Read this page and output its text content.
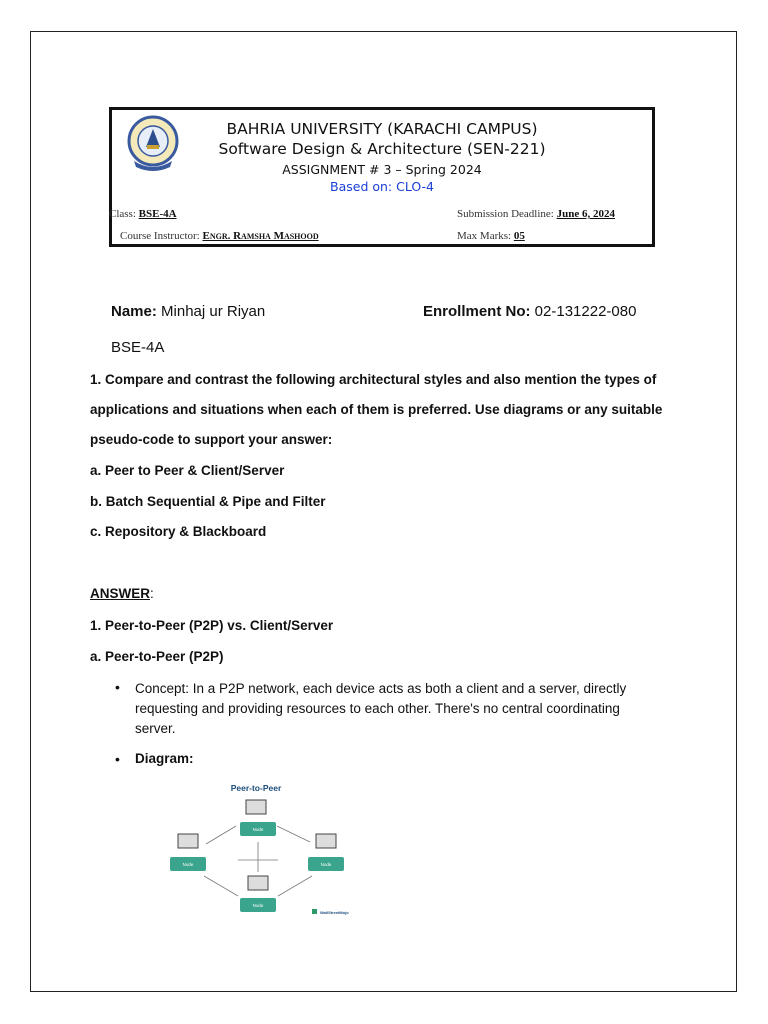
BAHRIA UNIVERSITY (KARACHI CAMPUS)
Software Design & Architecture (SEN-221)
ASSIGNMENT # 3 – Spring 2024
Based on: CLO-4
Class: BSE-4A	Submission Deadline: June 6, 2024
Course Instructor: Engr. Ramsha Mashood	Max Marks: 05
Name: Minhaj ur Riyan	Enrollment No: 02-131222-080
BSE-4A
1. Compare and contrast the following architectural styles and also mention the types of
applications and situations when each of them is preferred. Use diagrams or any suitable
pseudo-code to support your answer:
a. Peer to Peer & Client/Server
b. Batch Sequential & Pipe and Filter
c. Repository & Blackboard
ANSWER:
1. Peer-to-Peer (P2P) vs. Client/Server
a. Peer-to-Peer (P2P)
• Concept: In a P2P network, each device acts as both a client and a server, directly
requesting and providing resources to each other. There's no central coordinating
server.
• Diagram:
Peer-to-Peer
Node
Node	Node
Node
WallStreetMojo
